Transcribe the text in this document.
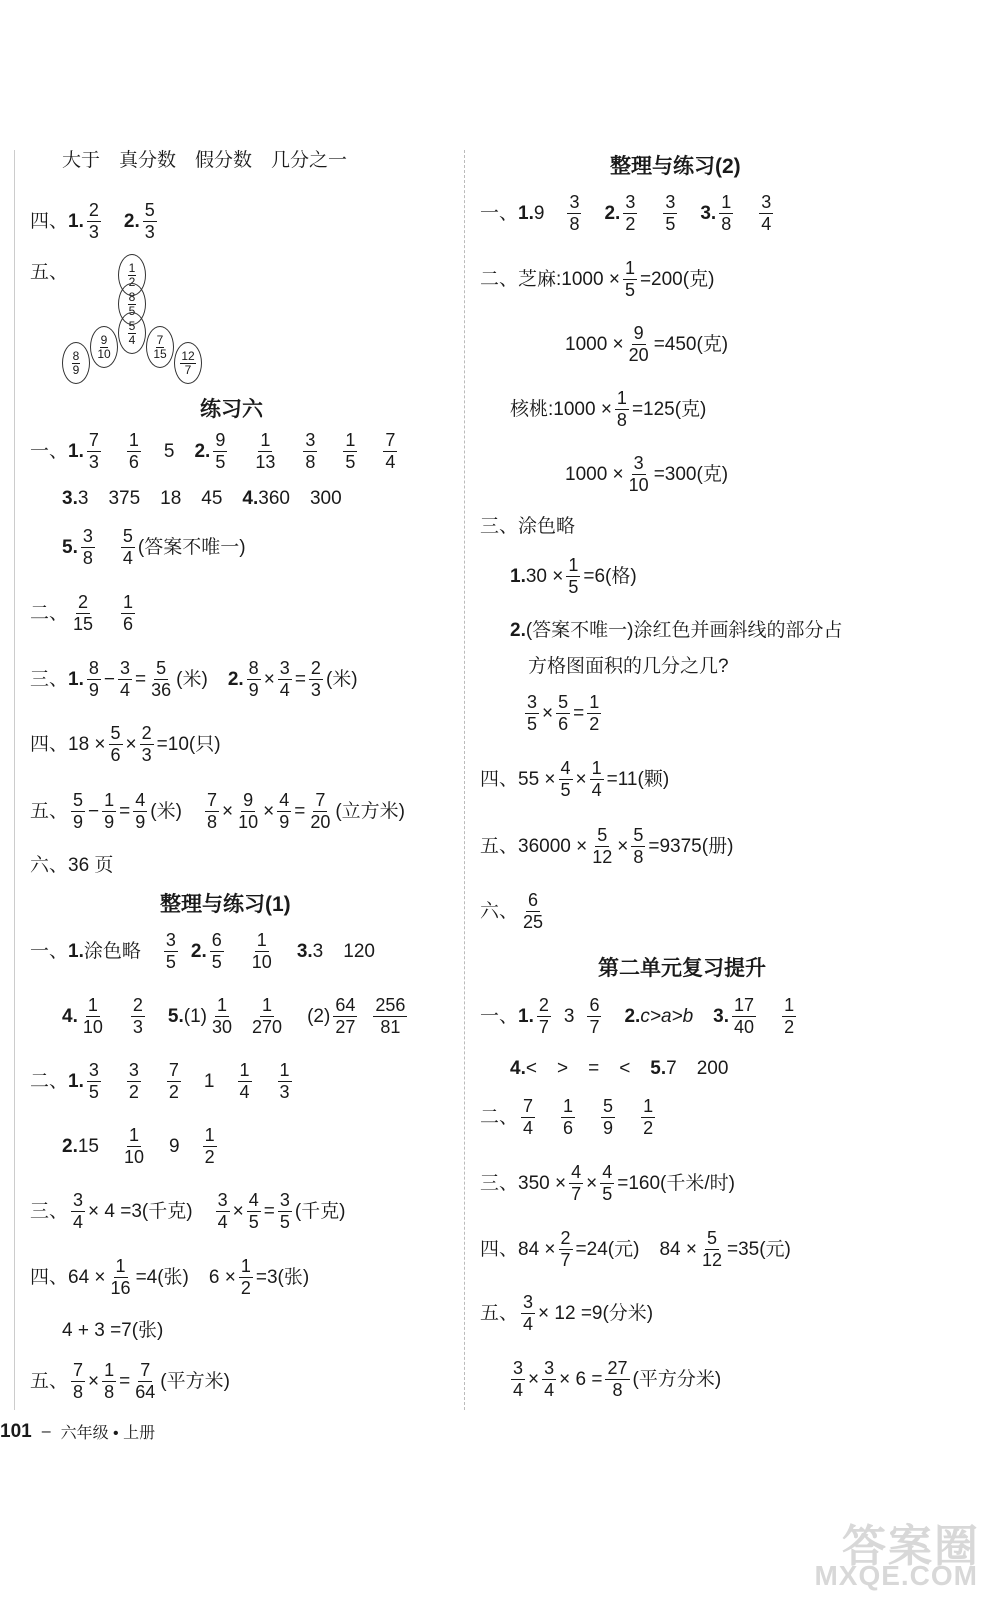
大于　真分数　假分数　几分之一
四、 1. $\frac{2}{3} 2$. $\frac{5}{3}$
五、	$\frac{1}{2}$
$\frac{8}{5}$
$\frac{5}{4}$
$\frac{9}{10}$	$\frac{7}{15}$
$\frac{8}{9}$	$\frac{12}{7}$
练习六
一、 1. $\frac{7}{3} \frac{1}{6} 5$ 2. $\frac{9}{5} \frac{1}{13} \frac{3}{8} \frac{1}{5} \frac{7}{4}$
3. 3 375 18 45 4. 360 300
5. $\frac{3}{8} \frac{5}{4}$ (答案不唯一)
二、 $\frac{2}{15} \frac{1}{6}$
三、 1. $\frac{8}{9} - \frac{3}{4} = \frac{5}{36}$ (米) 2. $\frac{8}{9} \times \frac{3}{4} = \frac{2}{3}$ (米)
四、 $18 \times \frac{5}{6} \times \frac{2}{3} =10$(只)
五、 $\frac{5}{9} - \frac{1}{9} = \frac{4}{9}$ (米) $\frac{7}{8} \times \frac{9}{10} \times \frac{4}{9} = \frac{7}{20}$ (立方米)
六、36 页
整理与练习(1)
一、 1. 涂色略 $\frac{3}{5} 2$. $\frac{6}{5} \frac{1}{10} 3$. 3 120
4. $\frac{1}{10} \frac{2}{3} 5$. $(1) \frac{1}{30} \frac{1}{270} (2) \frac{64}{27} \frac{256}{81}$
二、 1. $\frac{3}{5} \frac{3}{2} \frac{7}{2} 1 \frac{1}{4} \frac{1}{3}$
2. $15 \frac{1}{10} 9 \frac{1}{2}$
三、 $\frac{3}{4} \times 4 =3$(千克) $\frac{3}{4} \times \frac{4}{5} = \frac{3}{5}$ (千克)
四、 $64 \times \frac{1}{16} =4$(张) $6 \times \frac{1}{2} =3$(张)
4 + 3 =7(张)
五、 $\frac{7}{8} \times \frac{1}{8} = \frac{7}{64}$ (平方米)
整理与练习(2)
一、 1. $9 \frac{3}{8} 2$. $\frac{3}{2} \frac{3}{5} 3$. $\frac{1}{8} \frac{3}{4}$
二、 芝麻:1000 × $\frac{1}{5} =200$(克)
$1000 \times \frac{9}{20} =450$(克)
核桃:1000 × $\frac{1}{8} =125$(克)
$1000 \times \frac{3}{10} =300$(克)
三、涂色略
1. $30 \times \frac{1}{5} =6$(格)
2. (答案不唯一)涂红色并画斜线的部分占
方格图面积的几分之几?
$\frac{3}{5} \times \frac{5}{6} = \frac{1}{2}$
四、 $55 \times \frac{4}{5} \times \frac{1}{4} =11$(颗)
五、 $36000 \times \frac{5}{12} \times \frac{5}{8} =9375$(册)
六、 $\frac{6}{25}$
第二单元复习提升
一、 1. $\frac{2}{7} 3 \frac{6}{7} 2$. c>a>b 3. $\frac{17}{40} \frac{1}{2}$
4. < > = < 5. 7 200
二、 $\frac{7}{4} \frac{1}{6} \frac{5}{9} \frac{1}{2}$
三、 $350 \times \frac{4}{7} \times \frac{4}{5} =160$(千米/时)
四、 $84 \times \frac{2}{7} =24$(元) $84 \times \frac{5}{12} =35$(元)
五、 $\frac{3}{4} \times 12 =9$(分米)
$\frac{3}{4} \times \frac{3}{4} \times 6 = \frac{27}{8}$ (平方分米)
101 – 六年级 • 上册
答案圈
MXQE.COM
